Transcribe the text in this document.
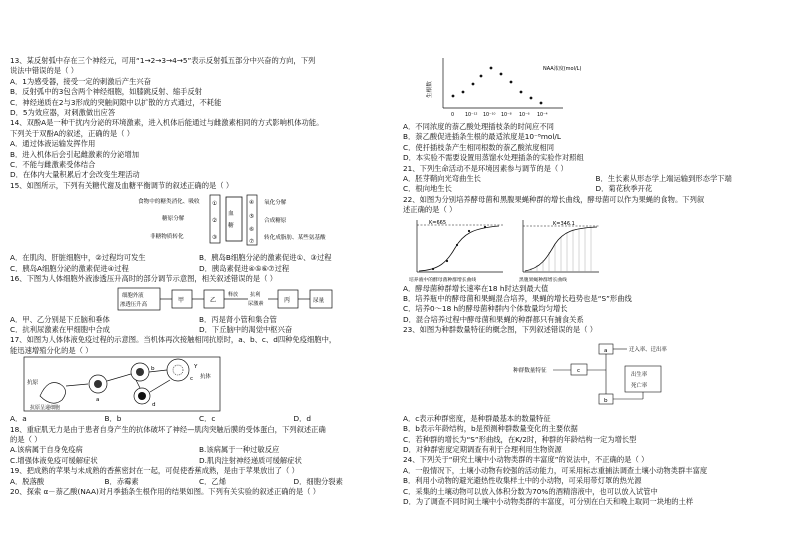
13、某反射弧中存在三个神经元，可用“1→2→3→4→5”表示反射弧五部分中兴奋的方向，下列
说法中错误的是（ ）
A．1为感受器，接受一定的刺激后产生兴奋
B．反射弧中的3包含两个神经细胞，如膝跳反射、缩手反射
C．神经递质在2与3形成的突触间隙中以扩散的方式通过，不耗能
D．5为效应器，对刺激做出应答
14、双酚A是一种干扰内分泌的环境激素，进入机体后能通过与雌激素相同的方式影响机体功能。
下列关于双酚A的叙述，正确的是（ ）
A．通过体液运输发挥作用
B．进入机体后会引起雌激素的分泌增加
C．不能与雌激素受体结合
D．在体内大量积累后才会改变生理活动
15、如图所示，下列有关糖代谢及血糖平衡调节的叙述正确的是（ ）
食物中的糖类消化、吸收
糖原分解
非糖物质转化
①
②
③
血
糖
④
⑤
⑥
⑦
氧化分解
合成糖原
转化成脂肪、某些氨基酸
A．在肌肉、肝脏细胞中，②过程均可发生	B．胰岛B细胞分泌的激素促进①、③过程
C．胰岛A细胞分泌的激素促进④过程	D．胰岛素促进④⑤⑥⑦过程
16、下图为人体细胞外液渗透压升高时的部分调节示意图，相关叙述错误的是（ ）
细胞外液
渗透压升高
甲	乙
释放 抗利
尿激素	丙	尿量
A．甲、乙分别是下丘脑和垂体	B．丙是肾小管和集合管
C．抗利尿激素在甲细胞中合成	D．下丘脑中的渴觉中枢兴奋
17、如图为人体体液免疫过程的示意图。当机体再次接触相同抗原时，a、b、c、d四种免疫细胞中，
能迅速增殖分化的是（ ）
抗原
抗原呈递细胞
a
b
c
Y
抗体
d
A．a	B．b	C．c	D．d
18、重症肌无力是由于患者自身产生的抗体破坏了神经—肌肉突触后膜的受体蛋白，下列叙述正确
的是（ ）
A.该病属于自身免疫病	B.该病属于一种过敏反应
C.增强体液免疫可缓解症状	D.肌肉注射神经递质可缓解症状
19、把成熟的苹果与未成熟的香蕉密封在一起，可促使香蕉成熟，是由于苹果放出了（ ）
A．脱落酸	B．赤霉素	C．乙烯	D．细胞分裂素
20、探索 α－萘乙酸(NAA)对月季插条生根作用的结果如图。下列有关实验的叙述正确的是（ ）
生根数
0 10⁻¹² 10⁻¹⁰ 10⁻⁸ 10⁻⁶ 10⁻⁴
NAA浓度(mol/L)
A．不同浓度的萘乙酸处理插枝条的时间应不同
B．萘乙酸促进插条生根的最适浓度是10⁻⁸mol/L
C．使扦插枝条产生相同根数的萘乙酸浓度相同
D．本实验不需要设置用蒸馏水处理插条的实验作对照组
21、下列生命活动不是环境因素参与调节的是（ ）
A．胚芽鞘向光弯曲生长	B．生长素从形态学上端运输到形态学下端
C．根向地生长	D．菊花秋季开花
22、如图为分别培养酵母菌和黑腹果蝇种群的增长曲线，酵母菌可以作为果蝇的食物。下列叙
述正确的是（ ）
K=665
培养液中的酵母菌种群增长曲线
K=346.1
黑腹果蝇种群增长曲线
A．酵母菌种群增长速率在18 h时达到最大值
B．培养瓶中的酵母菌和果蝇混合培养，果蝇的增长趋势也是“S”形曲线
C．培养0～18 h的酵母菌种群内个体数量均匀增长
D．混合培养过程中酵母菌和果蝇的种群都只有捕食关系
23、如图为种群数量特征的概念图，下列叙述错误的是（ ）
种群数量特征	c
a
b
迁入率、迁出率
出生率
死亡率
A．c表示种群密度，是种群最基本的数量特征
B．b表示年龄结构，b是预测种群数量变化的主要依据
C．若种群的增长为“S”形曲线，在K/2时，种群的年龄结构一定为增长型
D．对种群密度定期调查有利于合理利用生物资源
24、下列关于“研究土壤中小动物类群的丰富度”的说法中，不正确的是（ ）
A．一般情况下，土壤小动物有较强的活动能力，可采用标志重捕法调查土壤小动物类群丰富度
B．利用小动物的避光避热性收集样土中的小动物，可采用带灯罩的热光源
C．采集的土壤动物可以放入体积分数为70%的酒精溶液中，也可以放入试管中
D．为了调查不同时间土壤中小动物类群的丰富度，可分别在白天和晚上取同一块地的土样
